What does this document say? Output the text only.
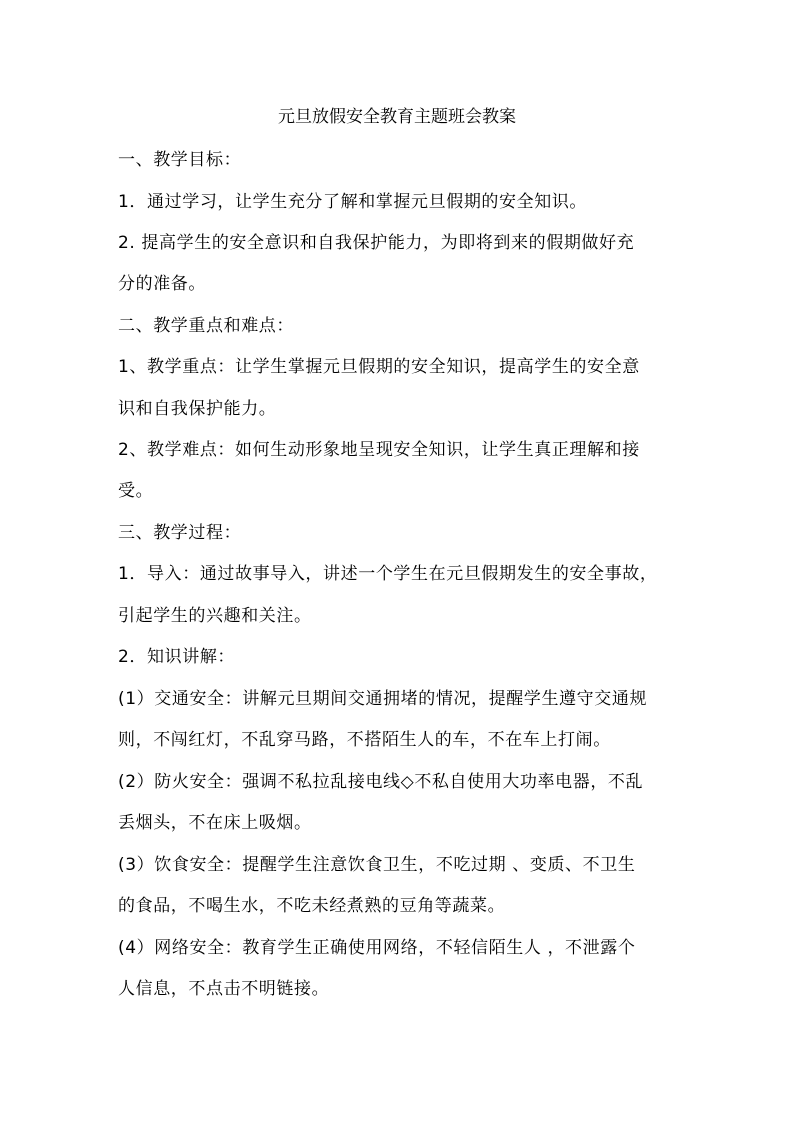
元旦放假安全教育主题班会教案
一、教学目标：
1．通过学习，让学生充分了解和掌握元旦假期的安全知识。
2. 提高学生的安全意识和自我保护能力，为即将到来的假期做好充
分的准备。
二、教学重点和难点：
1、教学重点：让学生掌握元旦假期的安全知识，提高学生的安全意
识和自我保护能力。
2、教学难点：如何生动形象地呈现安全知识，让学生真正理解和接
受。
三、教学过程：
1．导入：通过故事导入，讲述一个学生在元旦假期发生的安全事故，
引起学生的兴趣和关注。
2．知识讲解：
(1）交通安全：讲解元旦期间交通拥堵的情况，提醒学生遵守交通规
则，不闯红灯，不乱穿马路，不搭陌生人的车，不在车上打闹。
(2）防火安全：强调不私拉乱接电线◇不私自使用大功率电器，不乱
丢烟头，不在床上吸烟。
(3）饮食安全：提醒学生注意饮食卫生，不吃过期 、变质、不卫生
的食品，不喝生水，不吃未经煮熟的豆角等蔬菜。
(4）网络安全：教育学生正确使用网络，不轻信陌生人 ，不泄露个
人信息，不点击不明链接。
